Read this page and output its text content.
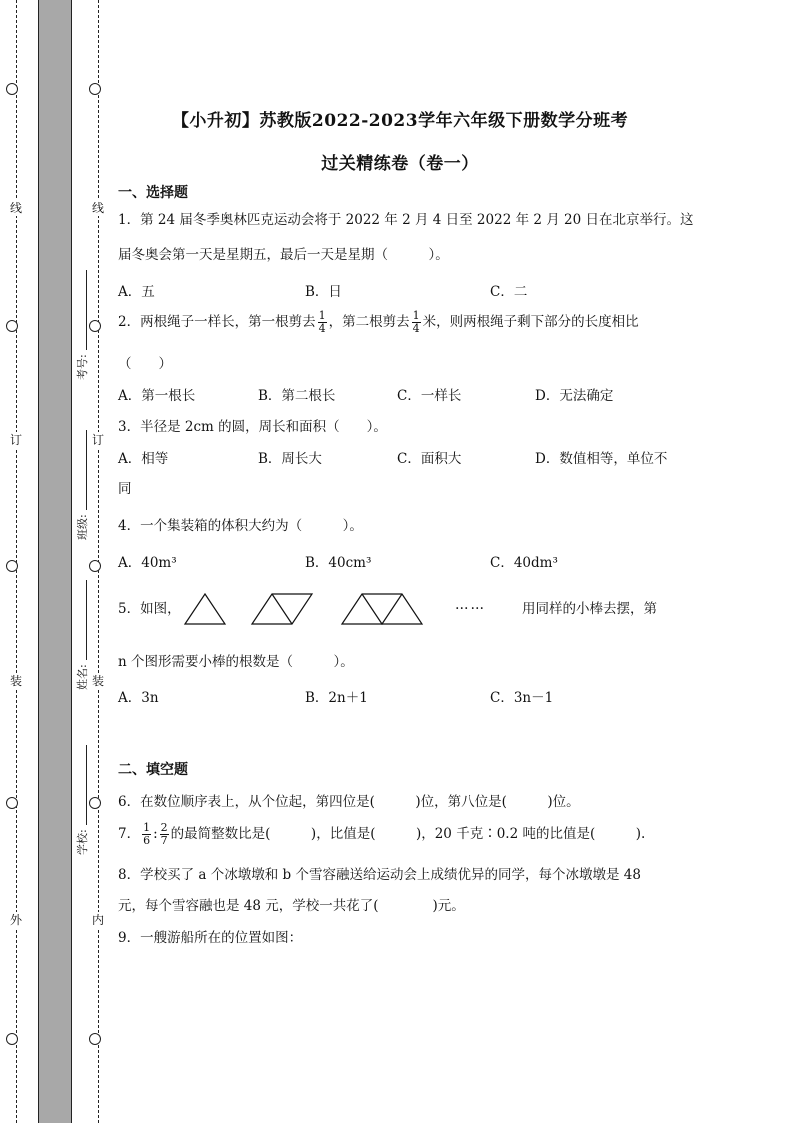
线
订
装
外
线
订
装
内
考号:
班级:
姓名:
学校:
【小升初】苏教版2022-2023学年六年级下册数学分班考
过关精练卷（卷一）
一、选择题
1．第 24 届冬季奥林匹克运动会将于 2022 年 2 月 4 日至 2022 年 2 月 20 日在北京举行。这
届冬奥会第一天是星期五，最后一天是星期（　　　）。
A．五	B．日	C．二
2．两根绳子一样长，第一根剪去 $\frac{1}{4}$ ，第二根剪去 $\frac{1}{4}$ 米，则两根绳子剩下部分的长度相比
（　　）
A．第一根长	B．第二根长	C．一样长	D．无法确定
3．半径是 2cm 的圆，周长和面积（　　）。
A．相等	B．周长大	C．面积大	D．数值相等，单位不
同
4．一个集装箱的体积大约为（　　　）。
A．40m³	B．40cm³	C．40dm³
5．如图，	……	用同样的小棒去摆，第
n 个图形需要小棒的根数是（　　　）。
A．3n	B．2n＋1	C．3n－1
二、填空题
6．在数位顺序表上，从个位起，第四位是(　　　)位，第八位是(　　　)位。
7． $\frac{1}{6}$ : $\frac{2}{7}$ 的最简整数比是(　　　)，比值是(　　　)，20 千克∶0.2 吨的比值是(　　　).
8．学校买了 a 个冰墩墩和 b 个雪容融送给运动会上成绩优异的同学，每个冰墩墩是 48
元，每个雪容融也是 48 元，学校一共花了(　　　　)元。
9．一艘游船所在的位置如图：
